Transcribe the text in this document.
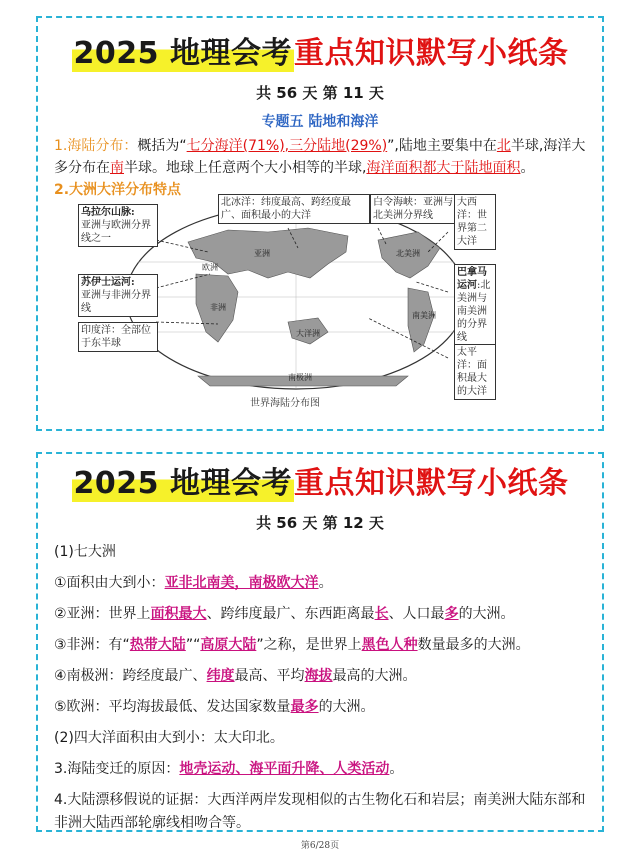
2025 地理会考重点知识默写小纸条
共 56 天 第 11 天
专题五 陆地和海洋
1.海陆分布：概括为“七分海洋(71%),三分陆地(29%)”,陆地主要集中在北半球,海洋大多分布在南半球。地球上任意两个大小相等的半球,海洋面积都大于陆地面积。
2.大洲大洋分布特点
亚洲
欧洲
非洲
北美洲
南美洲
大洋洲
南极洲
乌拉尔山脉:
亚洲与欧洲分界线之一
北冰洋：纬度最高、跨经度最广、面积最小的大洋
白令海峡：亚洲与北美洲分界线
大西洋：世界第二大洋
苏伊士运河:
亚洲与非洲分界线
巴拿马运河:北美洲与南美洲的分界线
印度洋：全部位于东半球
太平洋：面积最大的大洋
世界海陆分布图
2025 地理会考重点知识默写小纸条
共 56 天 第 12 天
(1)七大洲
①面积由大到小：亚非北南美，南极欧大洋。
②亚洲：世界上面积最大、跨纬度最广、东西距离最长、人口最多的大洲。
③非洲：有“热带大陆”“高原大陆”之称，是世界上黑色人种数量最多的大洲。
④南极洲：跨经度最广、纬度最高、平均海拔最高的大洲。
⑤欧洲：平均海拔最低、发达国家数量最多的大洲。
(2)四大洋面积由大到小：太大印北。
3.海陆变迁的原因：地壳运动、海平面升降、人类活动。
4.大陆漂移假说的证据：大西洋两岸发现相似的古生物化石和岩层；南美洲大陆东部和非洲大陆西部轮廓线相吻合等。
第6/28页
